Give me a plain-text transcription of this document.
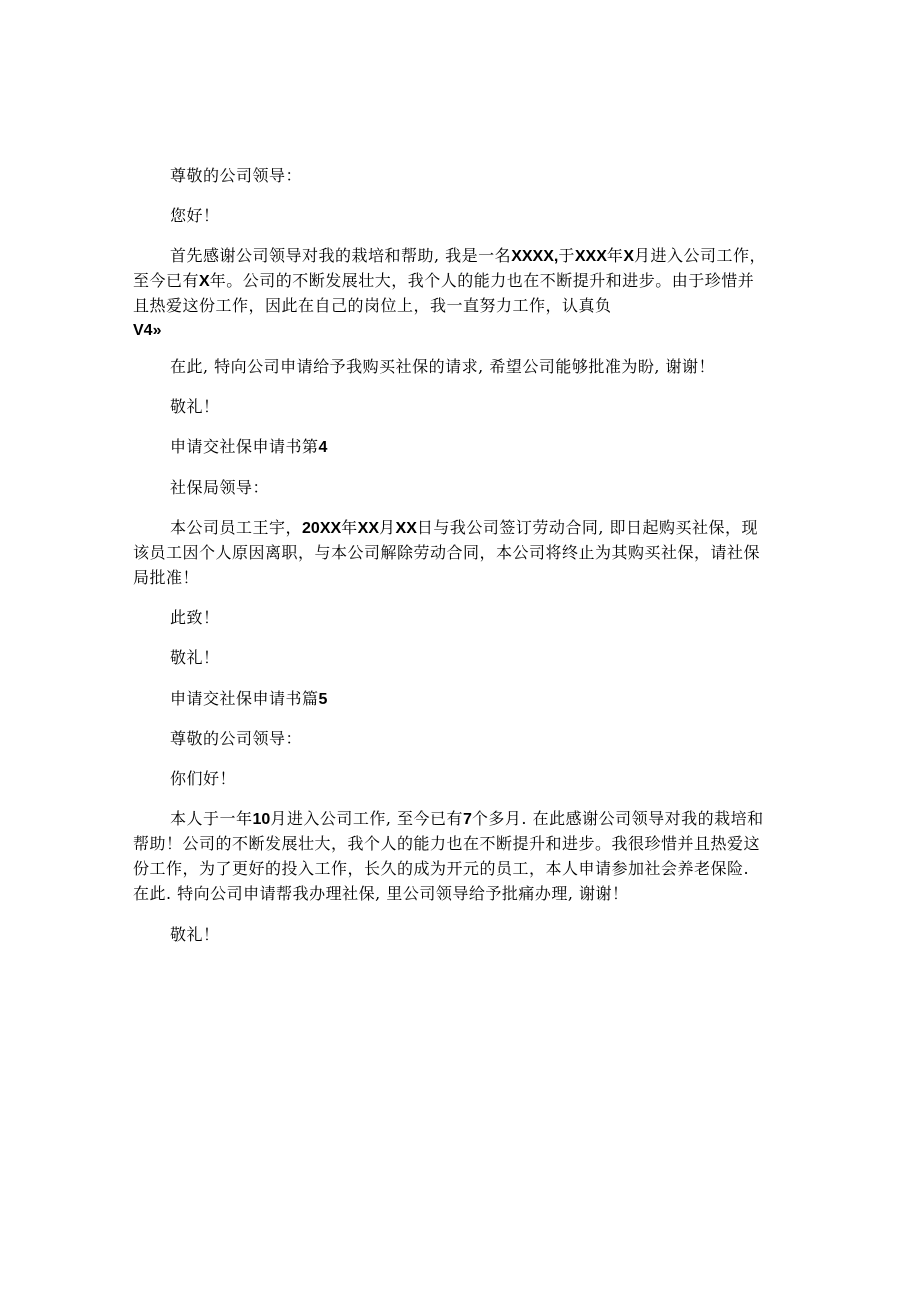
尊敬的公司领导：
您好！
首先感谢公司领导对我的栽培和帮助, 我是一名XXXX,于XXX年X月进入公司工作，
至今已有X年。公司的不断发展壮大，我个人的能力也在不断提升和进步。由于珍惜并
且热爱这份工作，因此在自己的岗位上，我一直努力工作，认真负
V4»
在此, 特向公司申请给予我购买社保的请求, 希望公司能够批准为盼, 谢谢！
敬礼！
申请交社保申请书第4
社保局领导：
本公司员工王宇，20XX年XX月XX日与我公司签订劳动合同, 即日起购买社保，现
该员工因个人原因离职，与本公司解除劳动合同，本公司将终止为其购买社保，请社保
局批准！
此致！
敬礼！
申请交社保申请书篇5
尊敬的公司领导：
你们好！
本人于一年10月进入公司工作, 至今已有7个多月. 在此感谢公司领导对我的栽培和
帮助！公司的不断发展壮大，我个人的能力也在不断提升和进步。我很珍惜并且热爱这
份工作，为了更好的投入工作，长久的成为开元的员工，本人申请参加社会养老保险.
在此. 特向公司申请帮我办理社保, 里公司领导给予批痛办理, 谢谢！
敬礼！
